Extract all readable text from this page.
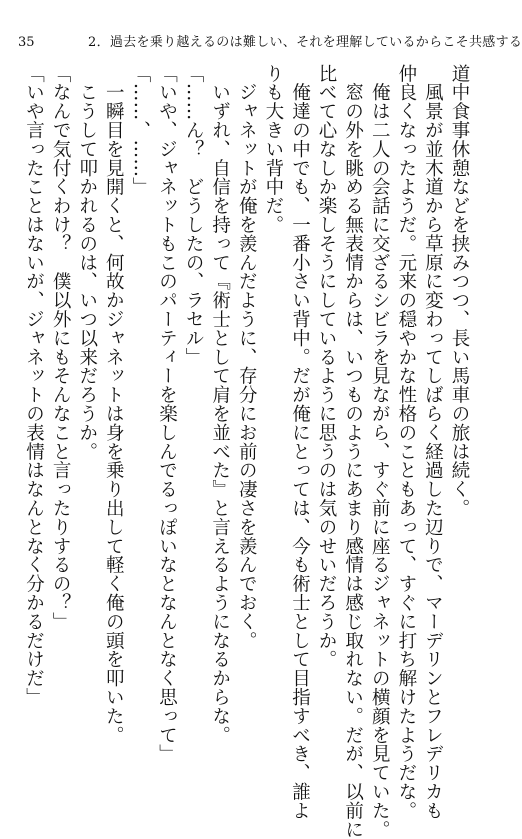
35	2．過去を乗り越えるのは難しい、それを理解しているからこそ共感する
道中食事休憩などを挟みつつ、長い馬車の旅は続く。
　風景が並木道から草原に変わってしばらく経過した辺りで、マーデリンとフレデリカも
仲良くなったようだ。元来の穏やかな性格のこともあって、すぐに打ち解けたようだな。
　俺は二人の会話に交ざるシビラを見ながら、すぐ前に座るジャネットの横顔を見ていた。
　窓の外を眺める無表情からは、いつものようにあまり感情は感じ取れない。だが、以前に
比べて心なしか楽しそうにしているように思うのは気のせいだろうか。
　俺達の中でも、一番小さい背中。だが俺にとっては、今も術士として目指すべき、誰よ
りも大きい背中だ。
　ジャネットが俺を羨んだように、存分にお前の凄さを羨んでおく。
　いずれ、自信を持って『術士として肩を並べた』と言えるようになるからな。
「……ん？　どうしたの、ラセル」
「いや、ジャネットもこのパーティーを楽しんでるっぽいなとなんとなく思って」
「……、……」
　一瞬目を見開くと、何故かジャネットは身を乗り出して軽く俺の頭を叩いた。
　こうして叩かれるのは、いつ以来だろうか。
「なんで気付くわけ？　僕以外にもそんなこと言ったりするの？」
「いや言ったことはないが、ジャネットの表情はなんとなく分かるだけだ」
